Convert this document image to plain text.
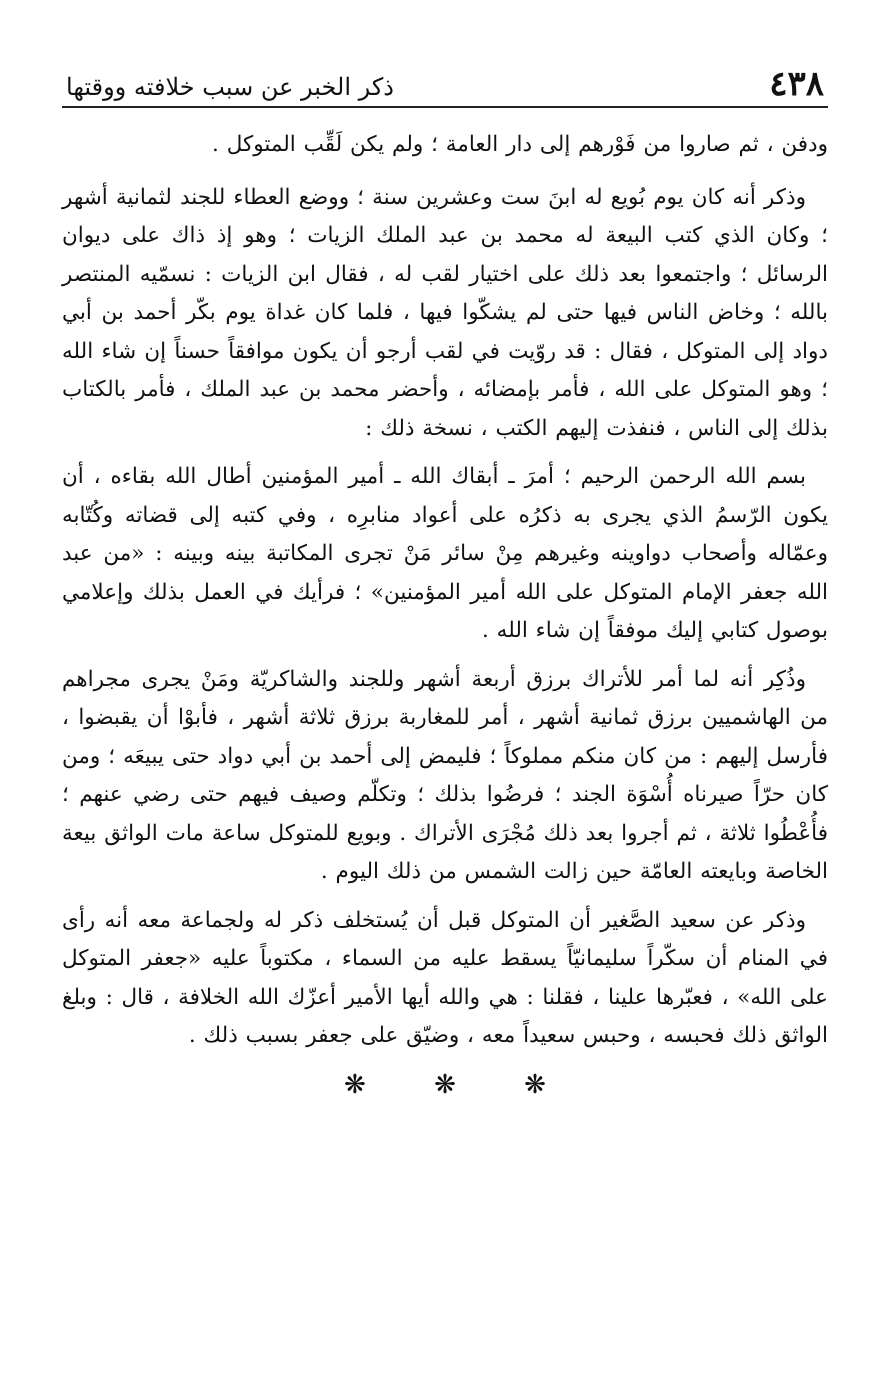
٤٣٨
ذكر الخبر عن سبب خلافته ووقتها

ودفن ، ثم صاروا من فَوْرهم إلى دار العامة ؛ ولم يكن لَقِّب المتوكل .

وذكر أنه كان يوم بُويع له ابنَ ست وعشرين سنة ؛ ووضع العطاء للجند لثمانية أشهر ؛ وكان الذي كتب البيعة له محمد بن عبد الملك الزيات ؛ وهو إذ ذاك على ديوان الرسائل ؛ واجتمعوا بعد ذلك على اختيار لقب له ، فقال ابن الزيات : نسمّيه المنتصر بالله ؛ وخاض الناس فيها حتى لم يشكّوا فيها ، فلما كان غداة يوم بكّر أحمد بن أبي دواد إلى المتوكل ، فقال : قد روّيت في لقب أرجو أن يكون موافقاً حسناً إن شاء الله ؛ وهو المتوكل على الله ، فأمر بإمضائه ، وأحضر محمد بن عبد الملك ، فأمر بالكتاب بذلك إلى الناس ، فنفذت إليهم الكتب ، نسخة ذلك :

بسم الله الرحمن الرحيم ؛ أمرَ ـ أبقاك الله ـ أمير المؤمنين أطال الله بقاءه ، أن يكون الرّسمُ الذي يجرى به ذكرُه على أعواد منابرِه ، وفي كتبه إلى قضاته وكُتّابه وعمّاله وأصحاب دواوينه وغيرهم مِنْ سائر مَنْ تجرى المكاتبة بينه وبينه : «من عبد الله جعفر الإمام المتوكل على الله أمير المؤمنين» ؛ فرأيك في العمل بذلك وإعلامي بوصول كتابي إليك موفقاً إن شاء الله .

وذُكِر أنه لما أمر للأتراك برزق أربعة أشهر وللجند والشاكريّة ومَنْ يجرى مجراهم من الهاشميين برزق ثمانية أشهر ، أمر للمغاربة برزق ثلاثة أشهر ، فأبوْا أن يقبضوا ، فأرسل إليهم : من كان منكم مملوكاً ؛ فليمض إلى أحمد بن أبي دواد حتى يبيعَه ؛ ومن كان حرّاً صيرناه أُسْوَة الجند ؛ فرضُوا بذلك ؛ وتكلّم وصيف فيهم حتى رضي عنهم ؛ فأُعْطُوا ثلاثة ، ثم أجروا بعد ذلك مُجْرَى الأتراك . وبويع للمتوكل ساعة مات الواثق بيعة الخاصة وبايعته العامّة حين زالت الشمس من ذلك اليوم .

وذكر عن سعيد الصَّغير أن المتوكل قبل أن يُستخلف ذكر له ولجماعة معه أنه رأى في المنام أن سكّراً سليمانيّاً يسقط عليه من السماء ، مكتوباً عليه «جعفر المتوكل على الله» ، فعبّرها علينا ، فقلنا : هي والله أيها الأمير أعزّك الله الخلافة ، قال : وبلغ الواثق ذلك فحبسه ، وحبس سعيداً معه ، وضيّق على جعفر بسبب ذلك .

❋ ❋ ❋
